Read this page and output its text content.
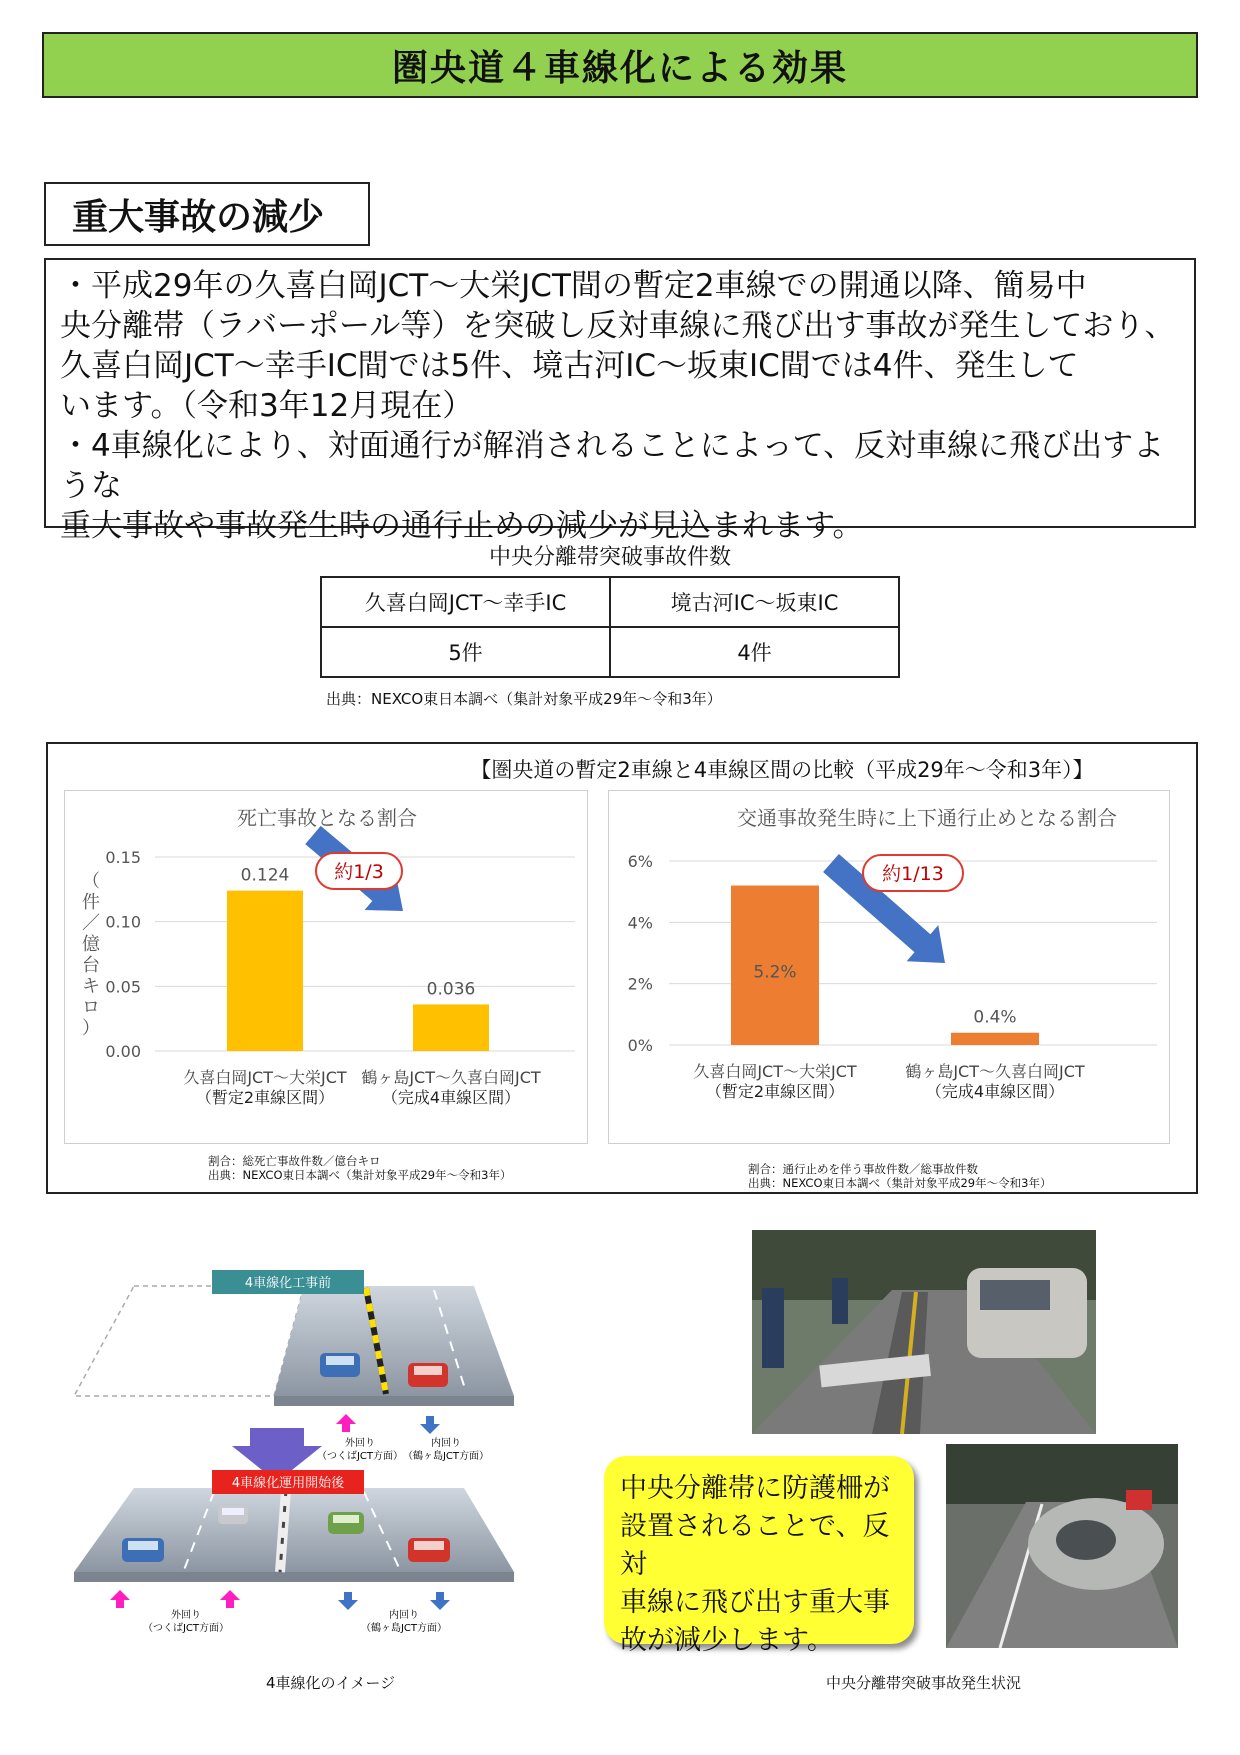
圏央道４車線化による効果
重大事故の減少

・平成29年の久喜白岡JCT～大栄JCT間の暫定2車線での開通以降、簡易中

央分離帯（ラバーポール等）を突破し反対車線に飛び出す事故が発生しており、

久喜白岡JCT～幸手IC間では5件、境古河IC～坂東IC間では4件、発生して

います。（令和3年12月現在）

・4車線化により、対面通行が解消されることによって、反対車線に飛び出すような

重大事故や事故発生時の通行止めの減少が見込まれます。

中央分離帯突破事故件数
久喜白岡JCT～幸手IC	境古河IC～坂東IC
5件	4件
出典：NEXCO東日本調べ（集計対象平成29年～令和3年）
【圏央道の暫定2車線と4車線区間の比較（平成29年～令和3年）】
死亡事故となる割合
0.00
0.05
0.10
0.15
（
件
／
億
台
キ
ロ
）
0.124
久喜白岡JCT～大栄JCT
（暫定2車線区間）
0.036
鶴ヶ島JCT～久喜白岡JCT
（完成4車線区間）
約1/3
交通事故発生時に上下通行止めとなる割合
0%
2%
4%
6%
5.2%
久喜白岡JCT～大栄JCT
（暫定2車線区間）
0.4%
鶴ヶ島JCT～久喜白岡JCT
（完成4車線区間）
約1/13
割合：総死亡事故件数／億台キロ
出典：NEXCO東日本調べ（集計対象平成29年～令和3年）	割合：通行止めを伴う事故件数／総事故件数
出典：NEXCO東日本調べ（集計対象平成29年～令和3年）
4車線化工事前
外回り
（つくばJCT方面）
内回り
（鶴ヶ島JCT方面）
4車線化運用開始後
外回り
（つくばJCT方面）
内回り
（鶴ヶ島JCT方面）
4車線化のイメージ
中央分離帯に防護柵が
設置されることで、反対
車線に飛び出す重大事
故が減少します。
中央分離帯突破事故発生状況
